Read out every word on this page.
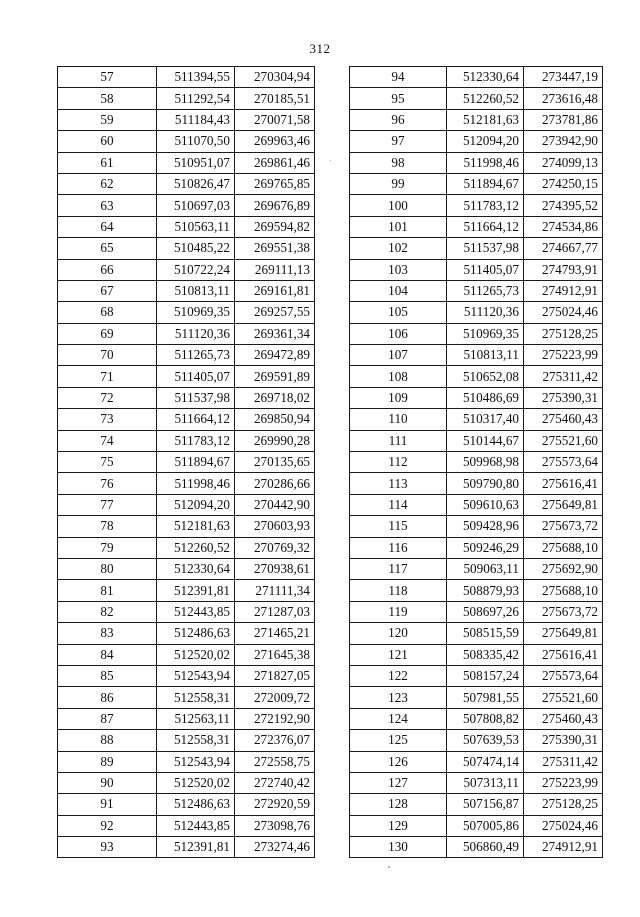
312
57	511394,55	270304,94
58	511292,54	270185,51
59	511184,43	270071,58
60	511070,50	269963,46
61	510951,07	269861,46
62	510826,47	269765,85
63	510697,03	269676,89
64	510563,11	269594,82
65	510485,22	269551,38
66	510722,24	269111,13
67	510813,11	269161,81
68	510969,35	269257,55
69	511120,36	269361,34
70	511265,73	269472,89
71	511405,07	269591,89
72	511537,98	269718,02
73	511664,12	269850,94
74	511783,12	269990,28
75	511894,67	270135,65
76	511998,46	270286,66
77	512094,20	270442,90
78	512181,63	270603,93
79	512260,52	270769,32
80	512330,64	270938,61
81	512391,81	271111,34
82	512443,85	271287,03
83	512486,63	271465,21
84	512520,02	271645,38
85	512543,94	271827,05
86	512558,31	272009,72
87	512563,11	272192,90
88	512558,31	272376,07
89	512543,94	272558,75
90	512520,02	272740,42
91	512486,63	272920,59
92	512443,85	273098,76
93	512391,81	273274,46
94	512330,64	273447,19
95	512260,52	273616,48
96	512181,63	273781,86
97	512094,20	273942,90
98	511998,46	274099,13
99	511894,67	274250,15
100	511783,12	274395,52
101	511664,12	274534,86
102	511537,98	274667,77
103	511405,07	274793,91
104	511265,73	274912,91
105	511120,36	275024,46
106	510969,35	275128,25
107	510813,11	275223,99
108	510652,08	275311,42
109	510486,69	275390,31
110	510317,40	275460,43
111	510144,67	275521,60
112	509968,98	275573,64
113	509790,80	275616,41
114	509610,63	275649,81
115	509428,96	275673,72
116	509246,29	275688,10
117	509063,11	275692,90
118	508879,93	275688,10
119	508697,26	275673,72
120	508515,59	275649,81
121	508335,42	275616,41
122	508157,24	275573,64
123	507981,55	275521,60
124	507808,82	275460,43
125	507639,53	275390,31
126	507474,14	275311,42
127	507313,11	275223,99
128	507156,87	275128,25
129	507005,86	275024,46
130	506860,49	274912,91
